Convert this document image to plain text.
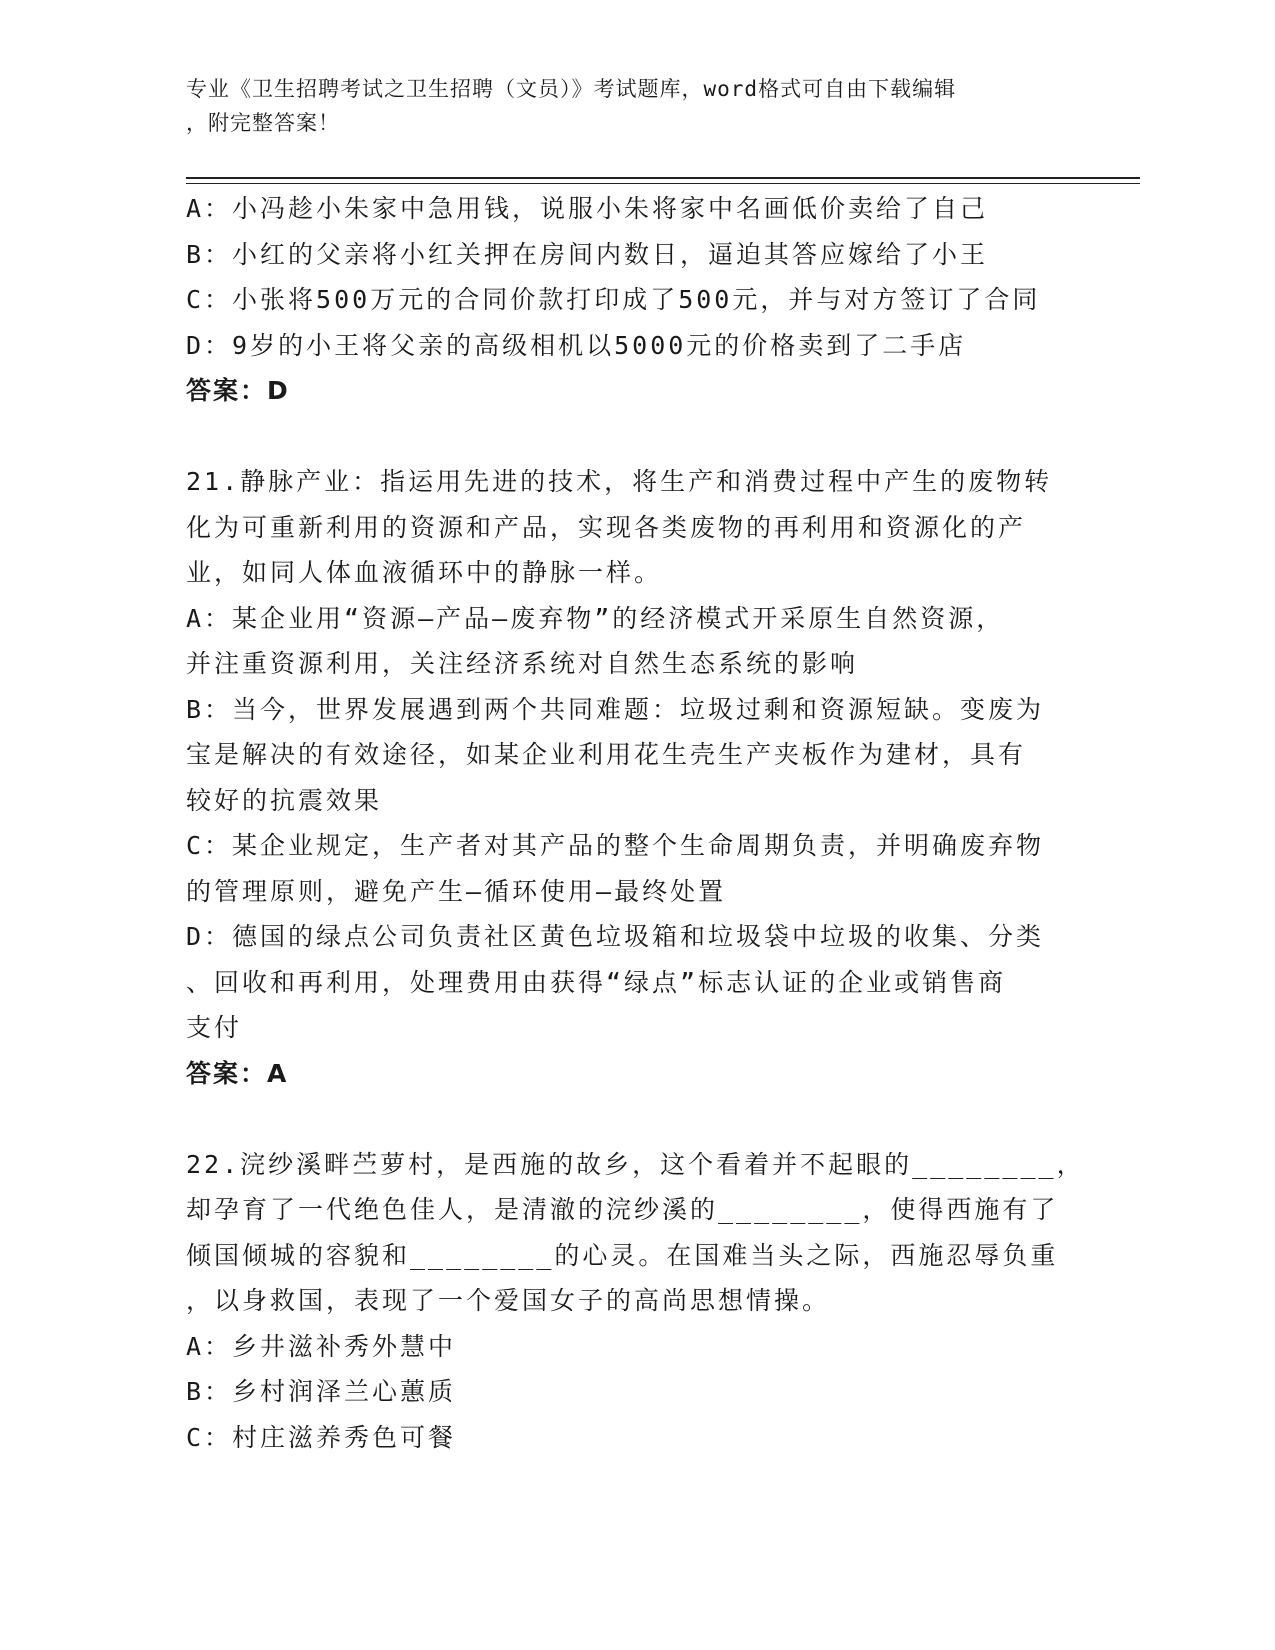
专业《卫生招聘考试之卫生招聘（文员）》考试题库，word格式可自由下载编辑
，附完整答案！
A：小冯趁小朱家中急用钱，说服小朱将家中名画低价卖给了自己
B：小红的父亲将小红关押在房间内数日，逼迫其答应嫁给了小王
C：小张将500万元的合同价款打印成了500元，并与对方签订了合同
D：9岁的小王将父亲的高级相机以5000元的价格卖到了二手店
答案：D
21.静脉产业：指运用先进的技术，将生产和消费过程中产生的废物转
化为可重新利用的资源和产品，实现各类废物的再利用和资源化的产
业，如同人体血液循环中的静脉一样。
A：某企业用“资源—产品—废弃物”的经济模式开采原生自然资源，
并注重资源利用，关注经济系统对自然生态系统的影响
B：当今，世界发展遇到两个共同难题：垃圾过剩和资源短缺。变废为
宝是解决的有效途径，如某企业利用花生壳生产夹板作为建材，具有
较好的抗震效果
C：某企业规定，生产者对其产品的整个生命周期负责，并明确废弃物
的管理原则，避免产生—循环使用—最终处置
D：德国的绿点公司负责社区黄色垃圾箱和垃圾袋中垃圾的收集、分类
、回收和再利用，处理费用由获得“绿点”标志认证的企业或销售商
支付
答案：A
22.浣纱溪畔苎萝村，是西施的故乡，这个看着并不起眼的________，
却孕育了一代绝色佳人，是清澈的浣纱溪的________，使得西施有了
倾国倾城的容貌和________的心灵。在国难当头之际，西施忍辱负重
，以身救国，表现了一个爱国女子的高尚思想情操。
A：乡井滋补秀外慧中
B：乡村润泽兰心蕙质
C：村庄滋养秀色可餐
